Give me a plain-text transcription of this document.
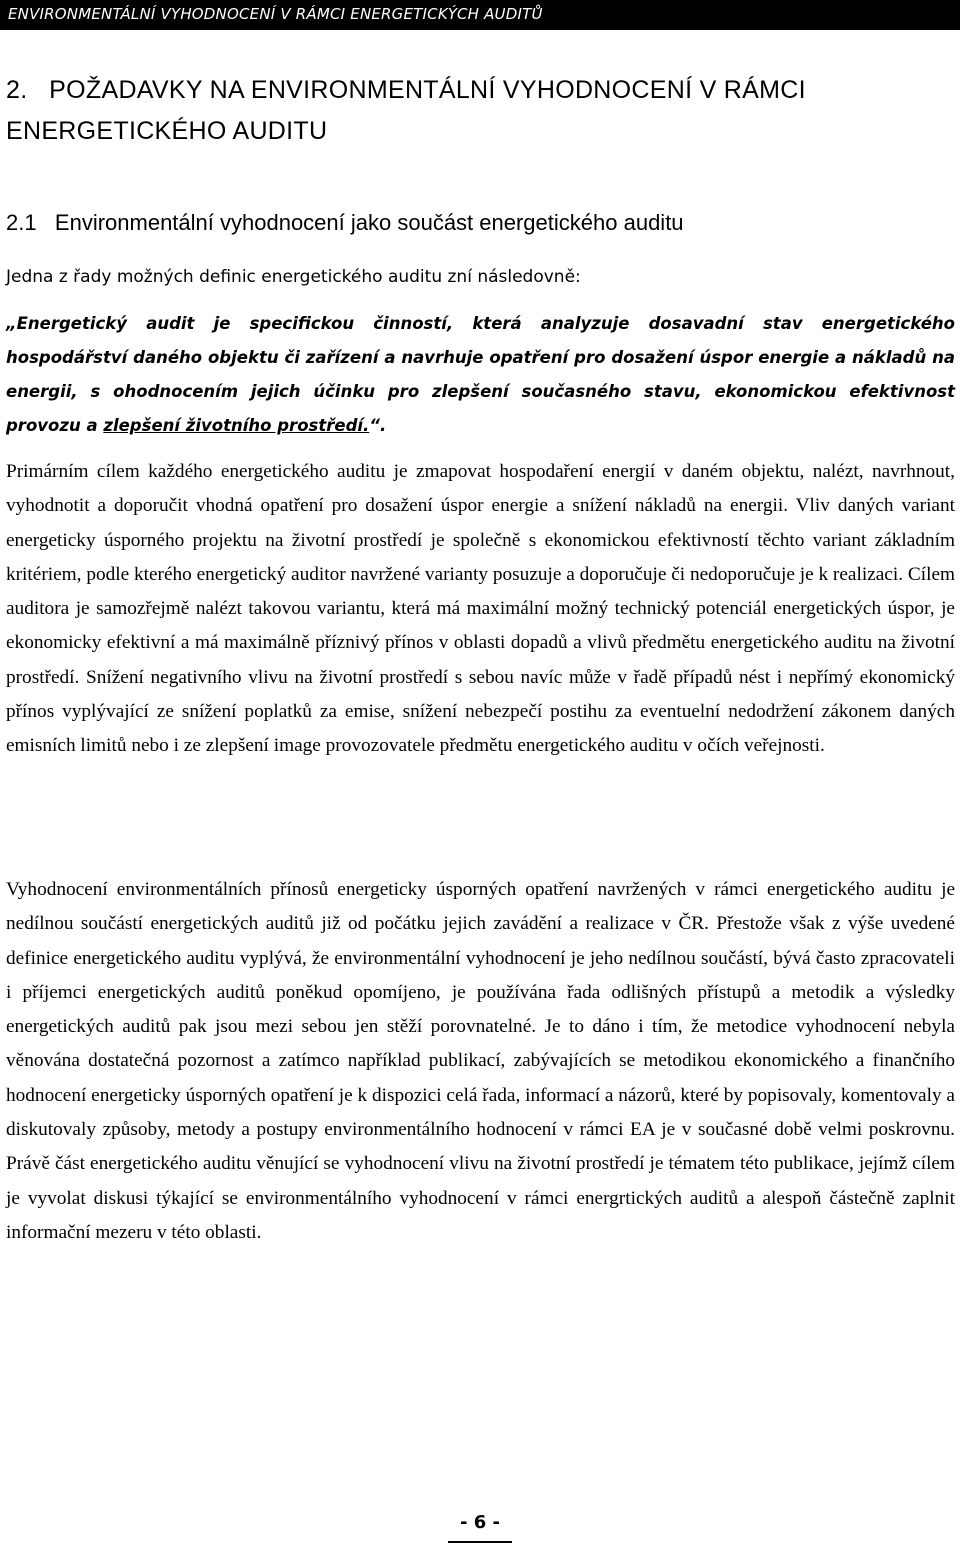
ENVIRONMENTÁLNÍ VYHODNOCENÍ V RÁMCI ENERGETICKÝCH AUDITŮ
2.   POŽADAVKY NA ENVIRONMENTÁLNÍ VYHODNOCENÍ V RÁMCI ENERGETICKÉHO AUDITU
2.1   Environmentální vyhodnocení jako součást energetického auditu
Jedna z řady možných definic energetického auditu zní následovně:
„Energetický audit je specifickou činností, která analyzuje dosavadní stav energetického hospodářství daného objektu či zařízení a navrhuje opatření pro dosažení úspor energie a nákladů na energii, s ohodnocením jejich účinku pro zlepšení současného stavu, ekonomickou efektivnost provozu a zlepšení životního prostředí.“.
Primárním cílem každého energetického auditu je zmapovat hospodaření energií v daném objektu, nalézt, navrhnout, vyhodnotit a doporučit vhodná opatření pro dosažení úspor energie a snížení nákladů na energii. Vliv daných variant energeticky úsporného projektu na životní prostředí je společně s ekonomickou efektivností těchto variant základním kritériem, podle kterého energetický auditor navržené varianty posuzuje a doporučuje či nedoporučuje je k realizaci. Cílem auditora je samozřejmě nalézt takovou variantu, která má maximální možný technický potenciál energetických úspor, je ekonomicky efektivní a má maximálně příznivý přínos v oblasti dopadů a vlivů předmětu energetického auditu na životní prostředí. Snížení negativního vlivu na životní prostředí s sebou navíc může v řadě případů nést i nepřímý ekonomický přínos vyplývající ze snížení poplatků za emise, snížení nebezpečí postihu za eventuelní nedodržení zákonem daných emisních limitů nebo i ze zlepšení image provozovatele předmětu energetického auditu v očích veřejnosti.
Vyhodnocení environmentálních přínosů energeticky úsporných opatření navržených v rámci energetického auditu je nedílnou součástí energetických auditů již od počátku jejich zavádění a realizace v ČR. Přestože však z výše uvedené definice energetického auditu vyplývá, že environmentální vyhodnocení je jeho nedílnou součástí, bývá často zpracovateli i příjemci energetických auditů poněkud opomíjeno, je používána řada odlišných přístupů a metodik a výsledky energetických auditů pak jsou mezi sebou jen stěží porovnatelné. Je to dáno i tím, že metodice vyhodnocení nebyla věnována dostatečná pozornost a zatímco například publikací, zabývajících se metodikou ekonomického a finančního hodnocení energeticky úsporných opatření je k dispozici celá řada, informací a názorů, které by popisovaly, komentovaly a diskutovaly způsoby, metody a postupy environmentálního hodnocení v rámci EA je v současné době velmi poskrovnu. Právě část energetického auditu věnující se vyhodnocení vlivu na životní prostředí je tématem této publikace, jejímž cílem je vyvolat diskusi týkající se environmentálního vyhodnocení v rámci energrtických auditů a alespoň částečně zaplnit informační mezeru v této oblasti.
- 6 -
